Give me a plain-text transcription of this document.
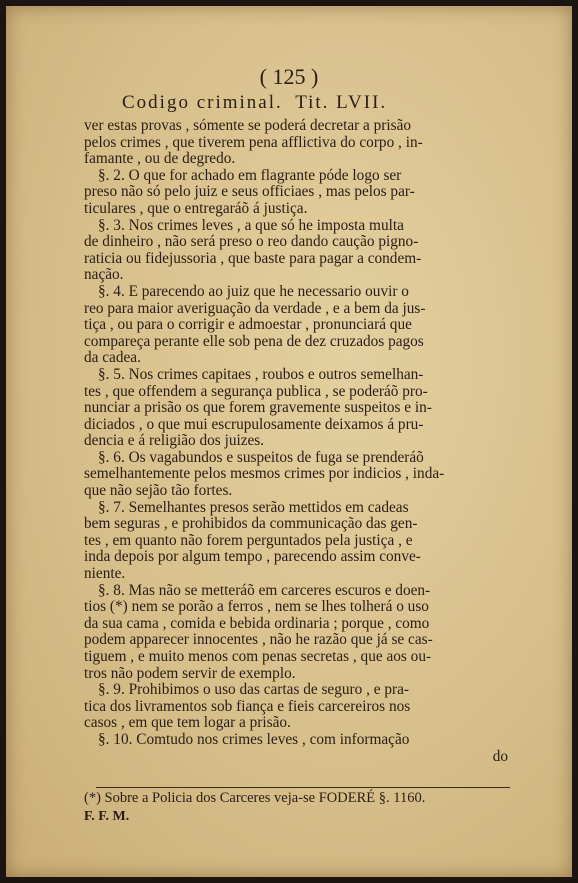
( 125 )
Codigo criminal. Tit. LVII.

ver estas provas , sómente se poderá decretar a prisão

pelos crimes , que tiverem pena afflictiva do corpo , in-

famante , ou de degredo.

§. 2. O que for achado em flagrante póde logo ser

preso não só pelo juiz e seus officiaes , mas pelos par-

ticulares , que o entregaráõ á justiça.

§. 3. Nos crimes leves , a que só he imposta multa

de dinheiro , não será preso o reo dando caução pigno-

raticia ou fidejussoria , que baste para pagar a condem-

nação.

§. 4. E parecendo ao juiz que he necessario ouvir o

reo para maior averiguação da verdade , e a bem da jus-

tiça , ou para o corrigir e admoestar , pronunciará que

compareça perante elle sob pena de dez cruzados pagos

da cadea.

§. 5. Nos crimes capitaes , roubos e outros semelhan-

tes , que offendem a segurança publica , se poderáõ pro-

nunciar a prisão os que forem gravemente suspeitos e in-

diciados , o que mui escrupulosamente deixamos á pru-

dencia e á religião dos juizes.

§. 6. Os vagabundos e suspeitos de fuga se prenderáõ

semelhantemente pelos mesmos crimes por indicios , inda-

que não sejão tão fortes.

§. 7. Semelhantes presos serão mettidos em cadeas

bem seguras , e prohibidos da communicação das gen-

tes , em quanto não forem perguntados pela justiça , e

inda depois por algum tempo , parecendo assim conve-

niente.

§. 8. Mas não se metteráõ em carceres escuros e doen-

tios (*) nem se porão a ferros , nem se lhes tolherá o uso

da sua cama , comida e bebida ordinaria ; porque , como

podem apparecer innocentes , não he razão que já se cas-

tiguem , e muito menos com penas secretas , que aos ou-

tros não podem servir de exemplo.

§. 9. Prohibimos o uso das cartas de seguro , e pra-

tica dos livramentos sob fiança e fieis carcereiros nos

casos , em que tem logar a prisão.

§. 10. Comtudo nos crimes leves , com informação

do

(*) Sobre a Policia dos Carceres veja-se FODERÉ §. 1160.
F. F. M.
